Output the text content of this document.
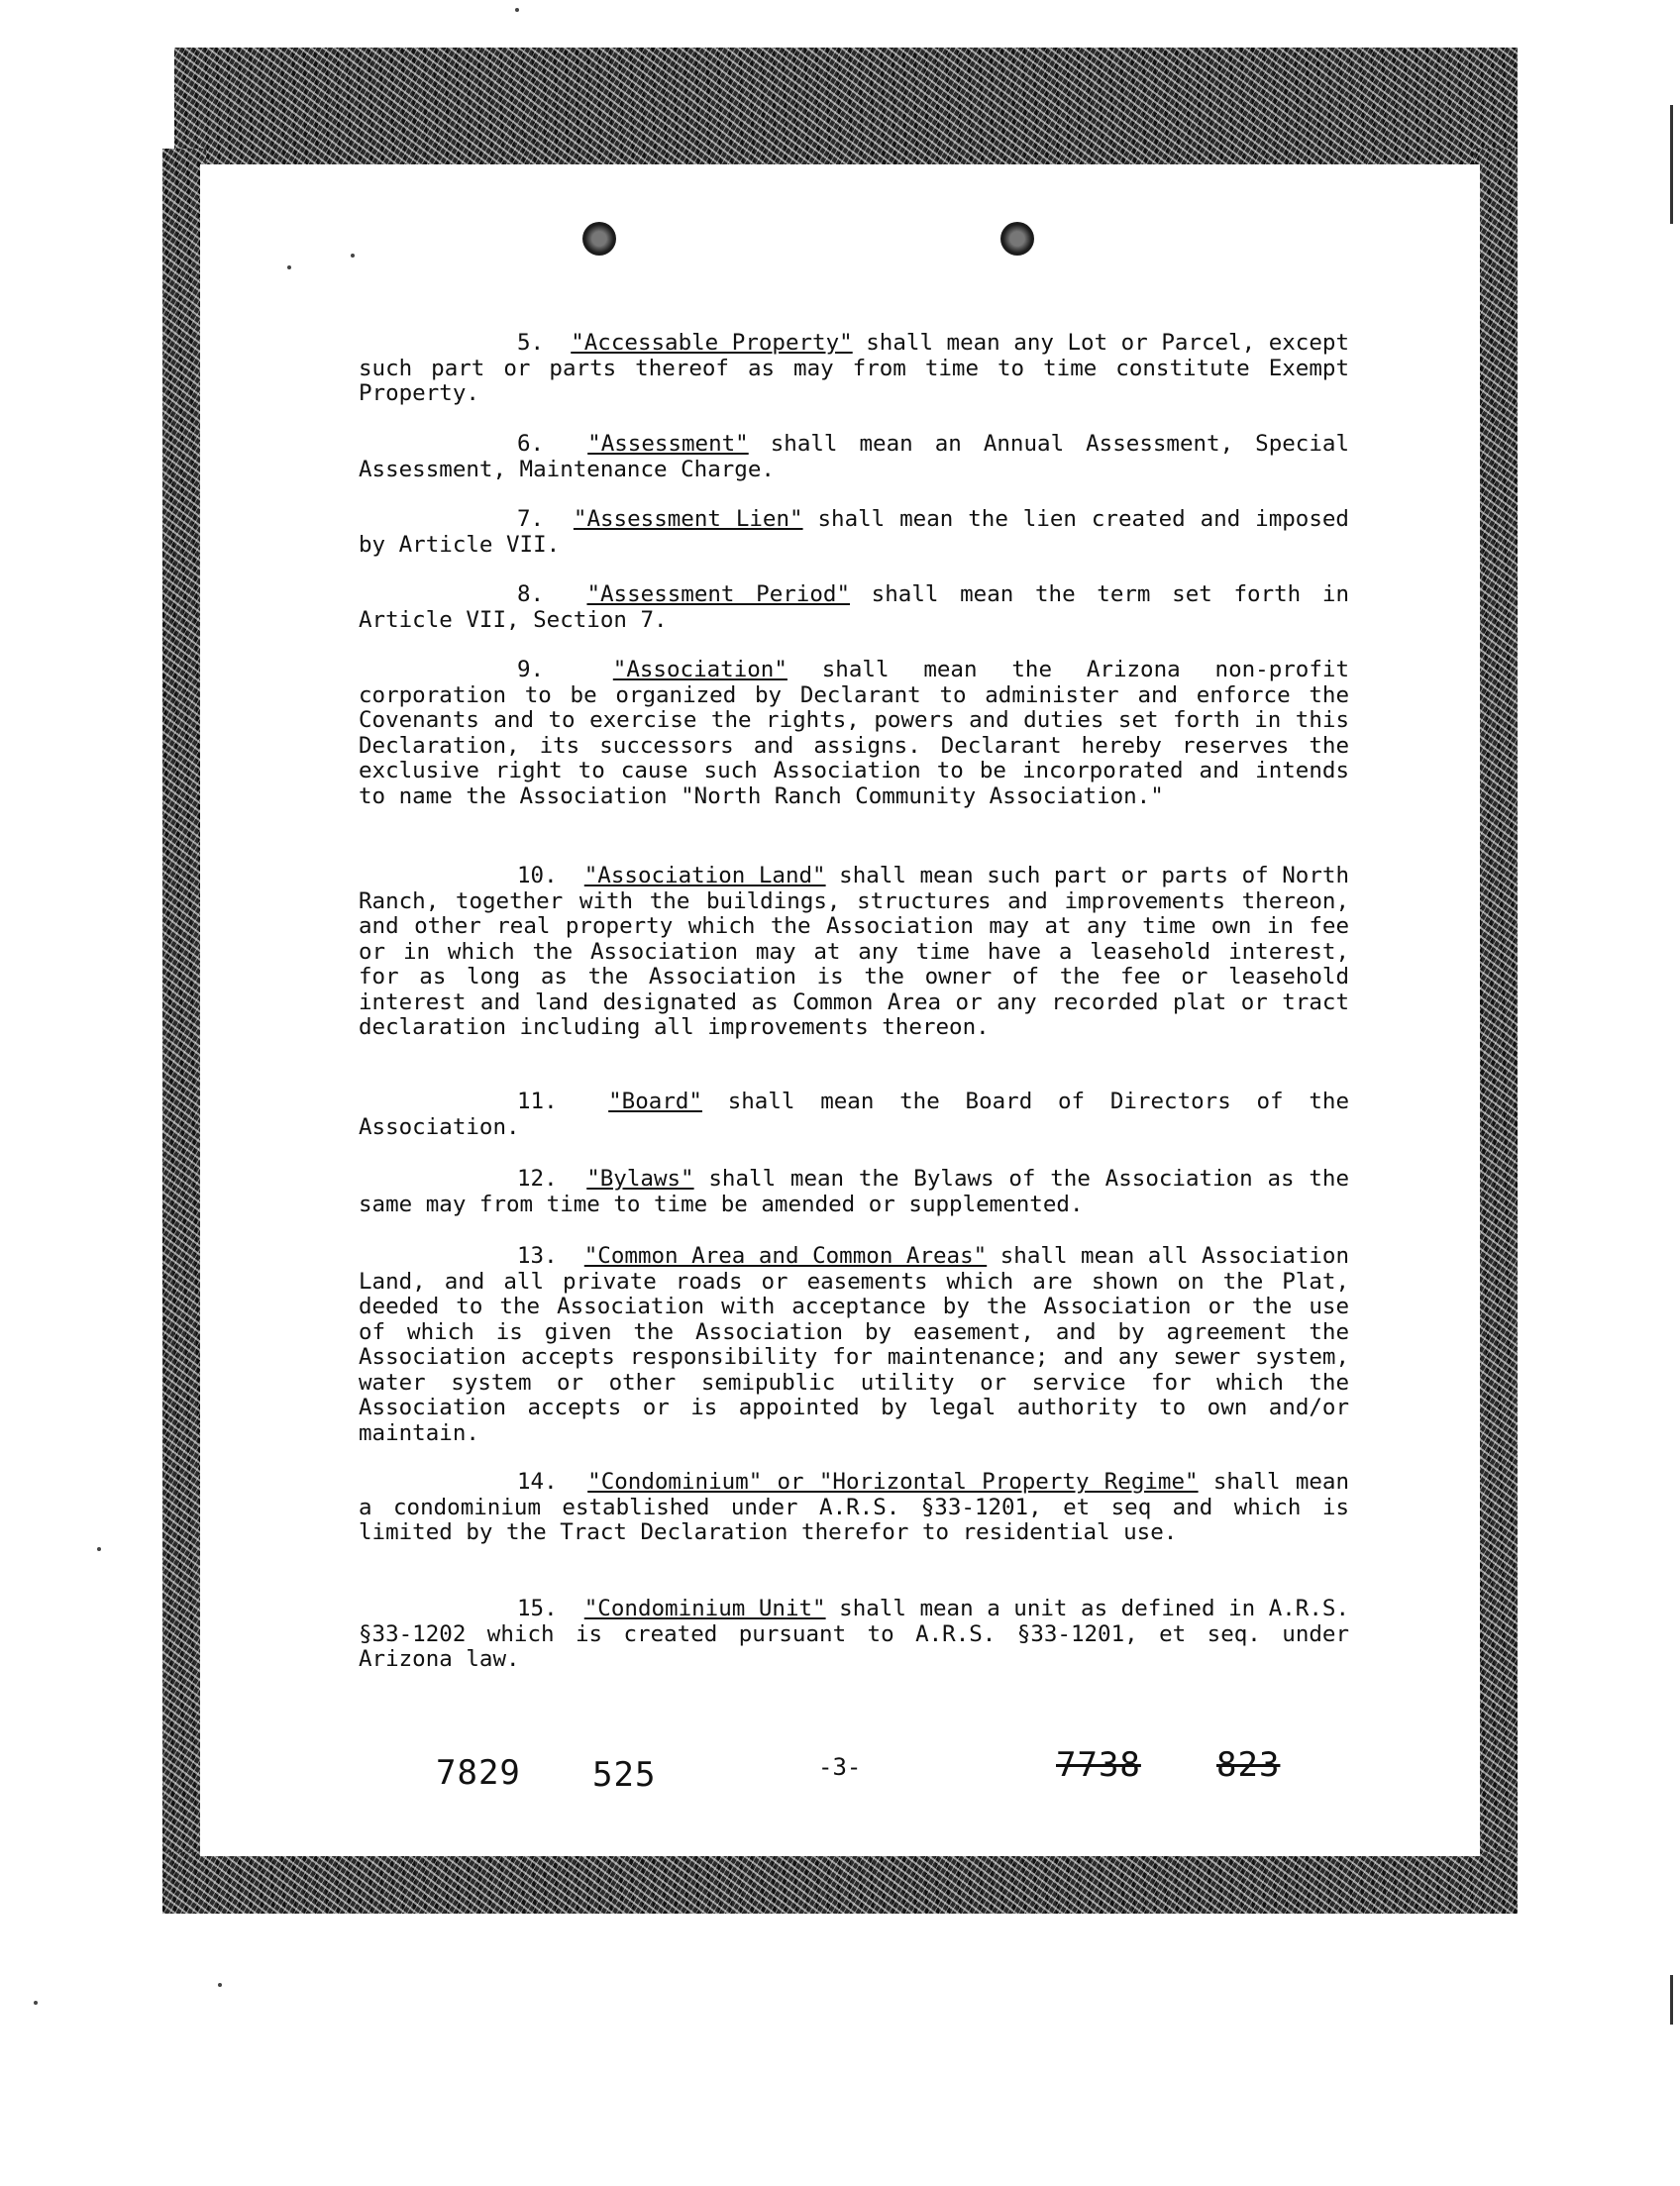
5. "Accessable Property" shall mean any Lot or Parcel, except such part or parts thereof as may from time to time constitute Exempt Property.
6. "Assessment" shall mean an Annual Assessment, Special Assessment, Maintenance Charge.
7. "Assessment Lien" shall mean the lien created and imposed by Article VII.
8. "Assessment Period" shall mean the term set forth in Article VII, Section 7.
9.	"Association" shall mean the Arizona non-profit corporation to be organized by Declarant to administer and enforce the Covenants and to exercise the rights, powers and duties set forth in this Declaration, its successors and assigns. Declarant hereby reserves the exclusive right to cause such Association to be incorporated and intends to name the Association "North Ranch Community Association."
10. "Association Land" shall mean such part or parts of North Ranch, together with the buildings, structures and improvements thereon, and other real property which the Association may at any time own in fee or in which the Association may at any time have a leasehold interest, for as long as the Association is the owner of the fee or leasehold interest and land designated as Common Area or any recorded plat or tract declaration including all improvements thereon.
11. "Board" shall mean the Board of Directors of the Association.
12. "Bylaws" shall mean the Bylaws of the Association as the same may from time to time be amended or supplemented.
13. "Common Area and Common Areas" shall mean all Association Land, and all private roads or easements which are shown on the Plat, deeded to the Association with acceptance by the Association or the use of which is given the Association by easement, and by agreement the Association accepts responsibility for maintenance; and any sewer system, water system or other semipublic utility or service for which the Association accepts or is appointed by legal authority to own and/or maintain.
14. "Condominium" or "Horizontal Property Regime" shall mean a condominium established under A.R.S. §33-1201, et seq and which is limited by the Tract Declaration therefor to residential use.
15. "Condominium Unit" shall mean a unit as defined in A.R.S. §33-1202 which is created pursuant to A.R.S. §33-1201, et seq. under Arizona law.
7829 525	-3-	7738 823
